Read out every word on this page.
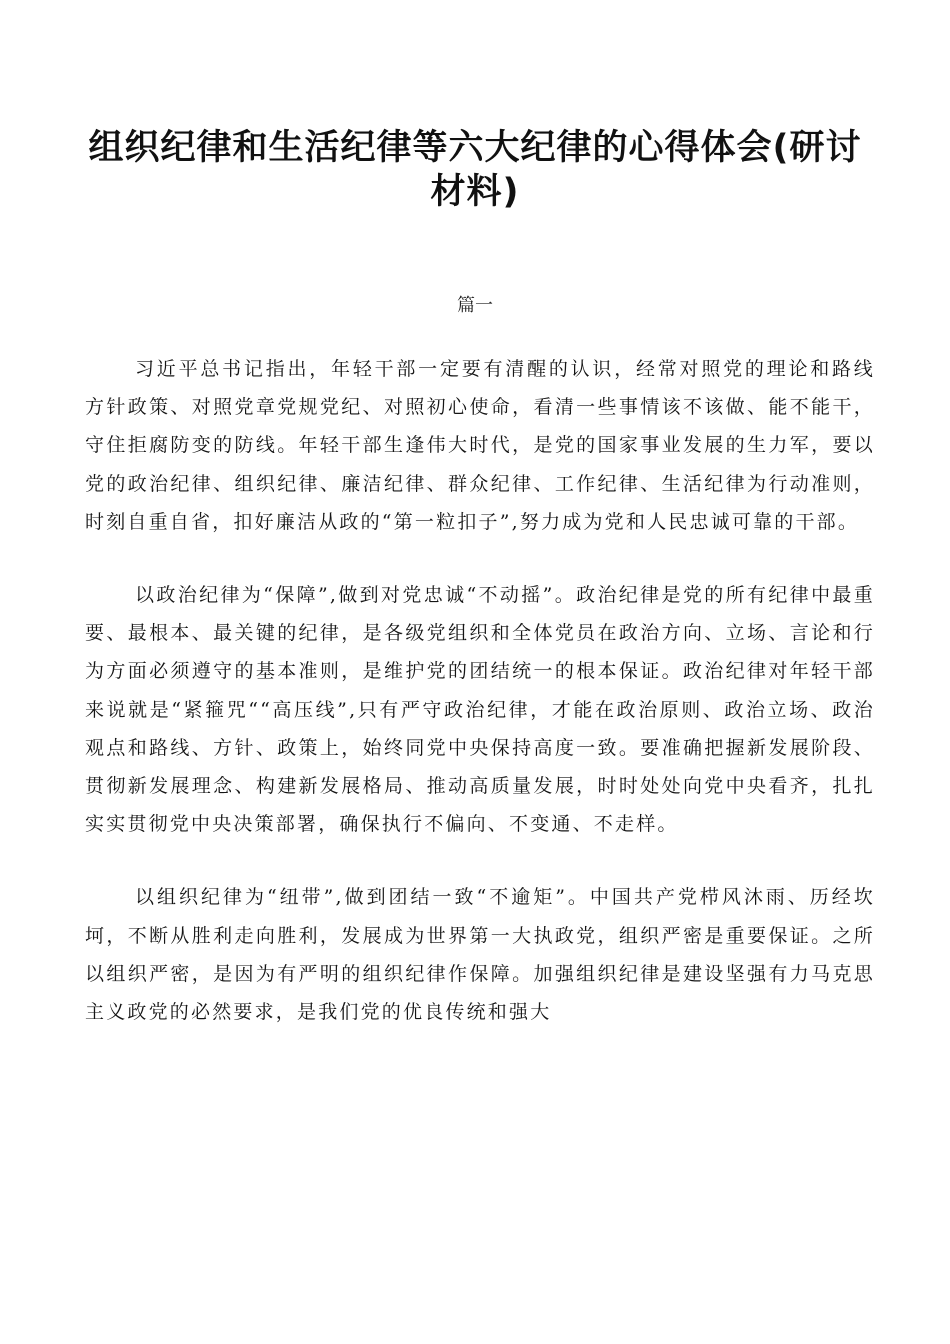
组织纪律和生活纪律等六大纪律的心得体会(研讨材料)
篇一

习近平总书记指出，年轻干部一定要有清醒的认识，经常对照党的理论和路线方针政策、对照党章党规党纪、对照初心使命，看清一些事情该不该做、能不能干，守住拒腐防变的防线。年轻干部生逢伟大时代，是党的国家事业发展的生力军，要以党的政治纪律、组织纪律、廉洁纪律、群众纪律、工作纪律、生活纪律为行动准则，时刻自重自省，扣好廉洁从政的“第一粒扣子”,努力成为党和人民忠诚可靠的干部。

以政治纪律为“保障”,做到对党忠诚“不动摇”。政治纪律是党的所有纪律中最重要、最根本、最关键的纪律，是各级党组织和全体党员在政治方向、立场、言论和行为方面必须遵守的基本准则，是维护党的团结统一的根本保证。政治纪律对年轻干部来说就是“紧箍咒““高压线”,只有严守政治纪律，才能在政治原则、政治立场、政治观点和路线、方针、政策上，始终同党中央保持高度一致。要准确把握新发展阶段、贯彻新发展理念、构建新发展格局、推动高质量发展，时时处处向党中央看齐，扎扎实实贯彻党中央决策部署，确保执行不偏向、不变通、不走样。

以组织纪律为“纽带”,做到团结一致“不逾矩”。中国共产党栉风沐雨、历经坎坷，不断从胜利走向胜利，发展成为世界第一大执政党，组织严密是重要保证。之所以组织严密，是因为有严明的组织纪律作保障。加强组织纪律是建设坚强有力马克思主义政党的必然要求，是我们党的优良传统和强大
